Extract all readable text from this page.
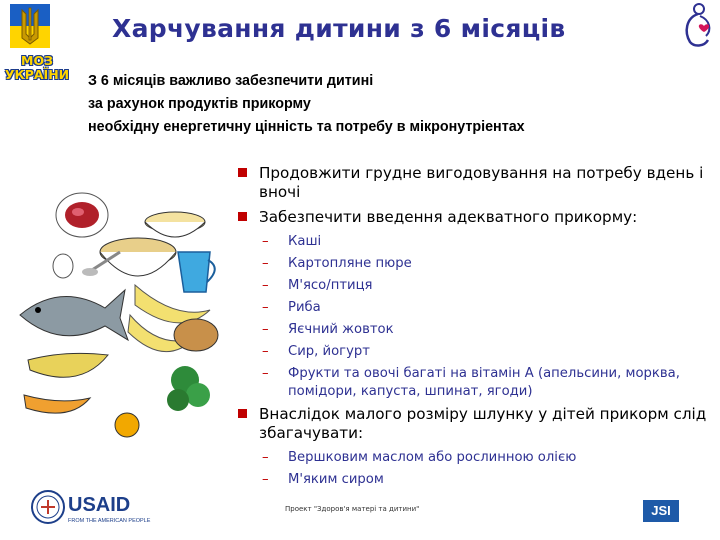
МОЗ
УКРАЇНИ
Харчування дитини з 6 місяців
З 6 місяців важливо забезпечити дитині
за рахунок продуктів прикорму
необхідну енергетичну цінність та потребу в мікронутріентах
Продовжити грудне вигодовування на потребу вдень і вночі
Забезпечити введення адекватного прикорму:
– Каші
– Картопляне пюре
– М'ясо/птиця
– Риба
– Яєчний жовток
– Сир, йогурт
– Фрукти та овочі багаті на вітамін А (апельсини, морква, помідори, капуста, шпинат, ягоди)
Внаслідок малого розміру шлунку у дітей прикорм слід збагачувати:
– Вершковим маслом або рослинною олією
– М'яким сиром
USAID
FROM THE AMERICAN PEOPLE
Проект "Здоров'я матері та дитини"	JSI
